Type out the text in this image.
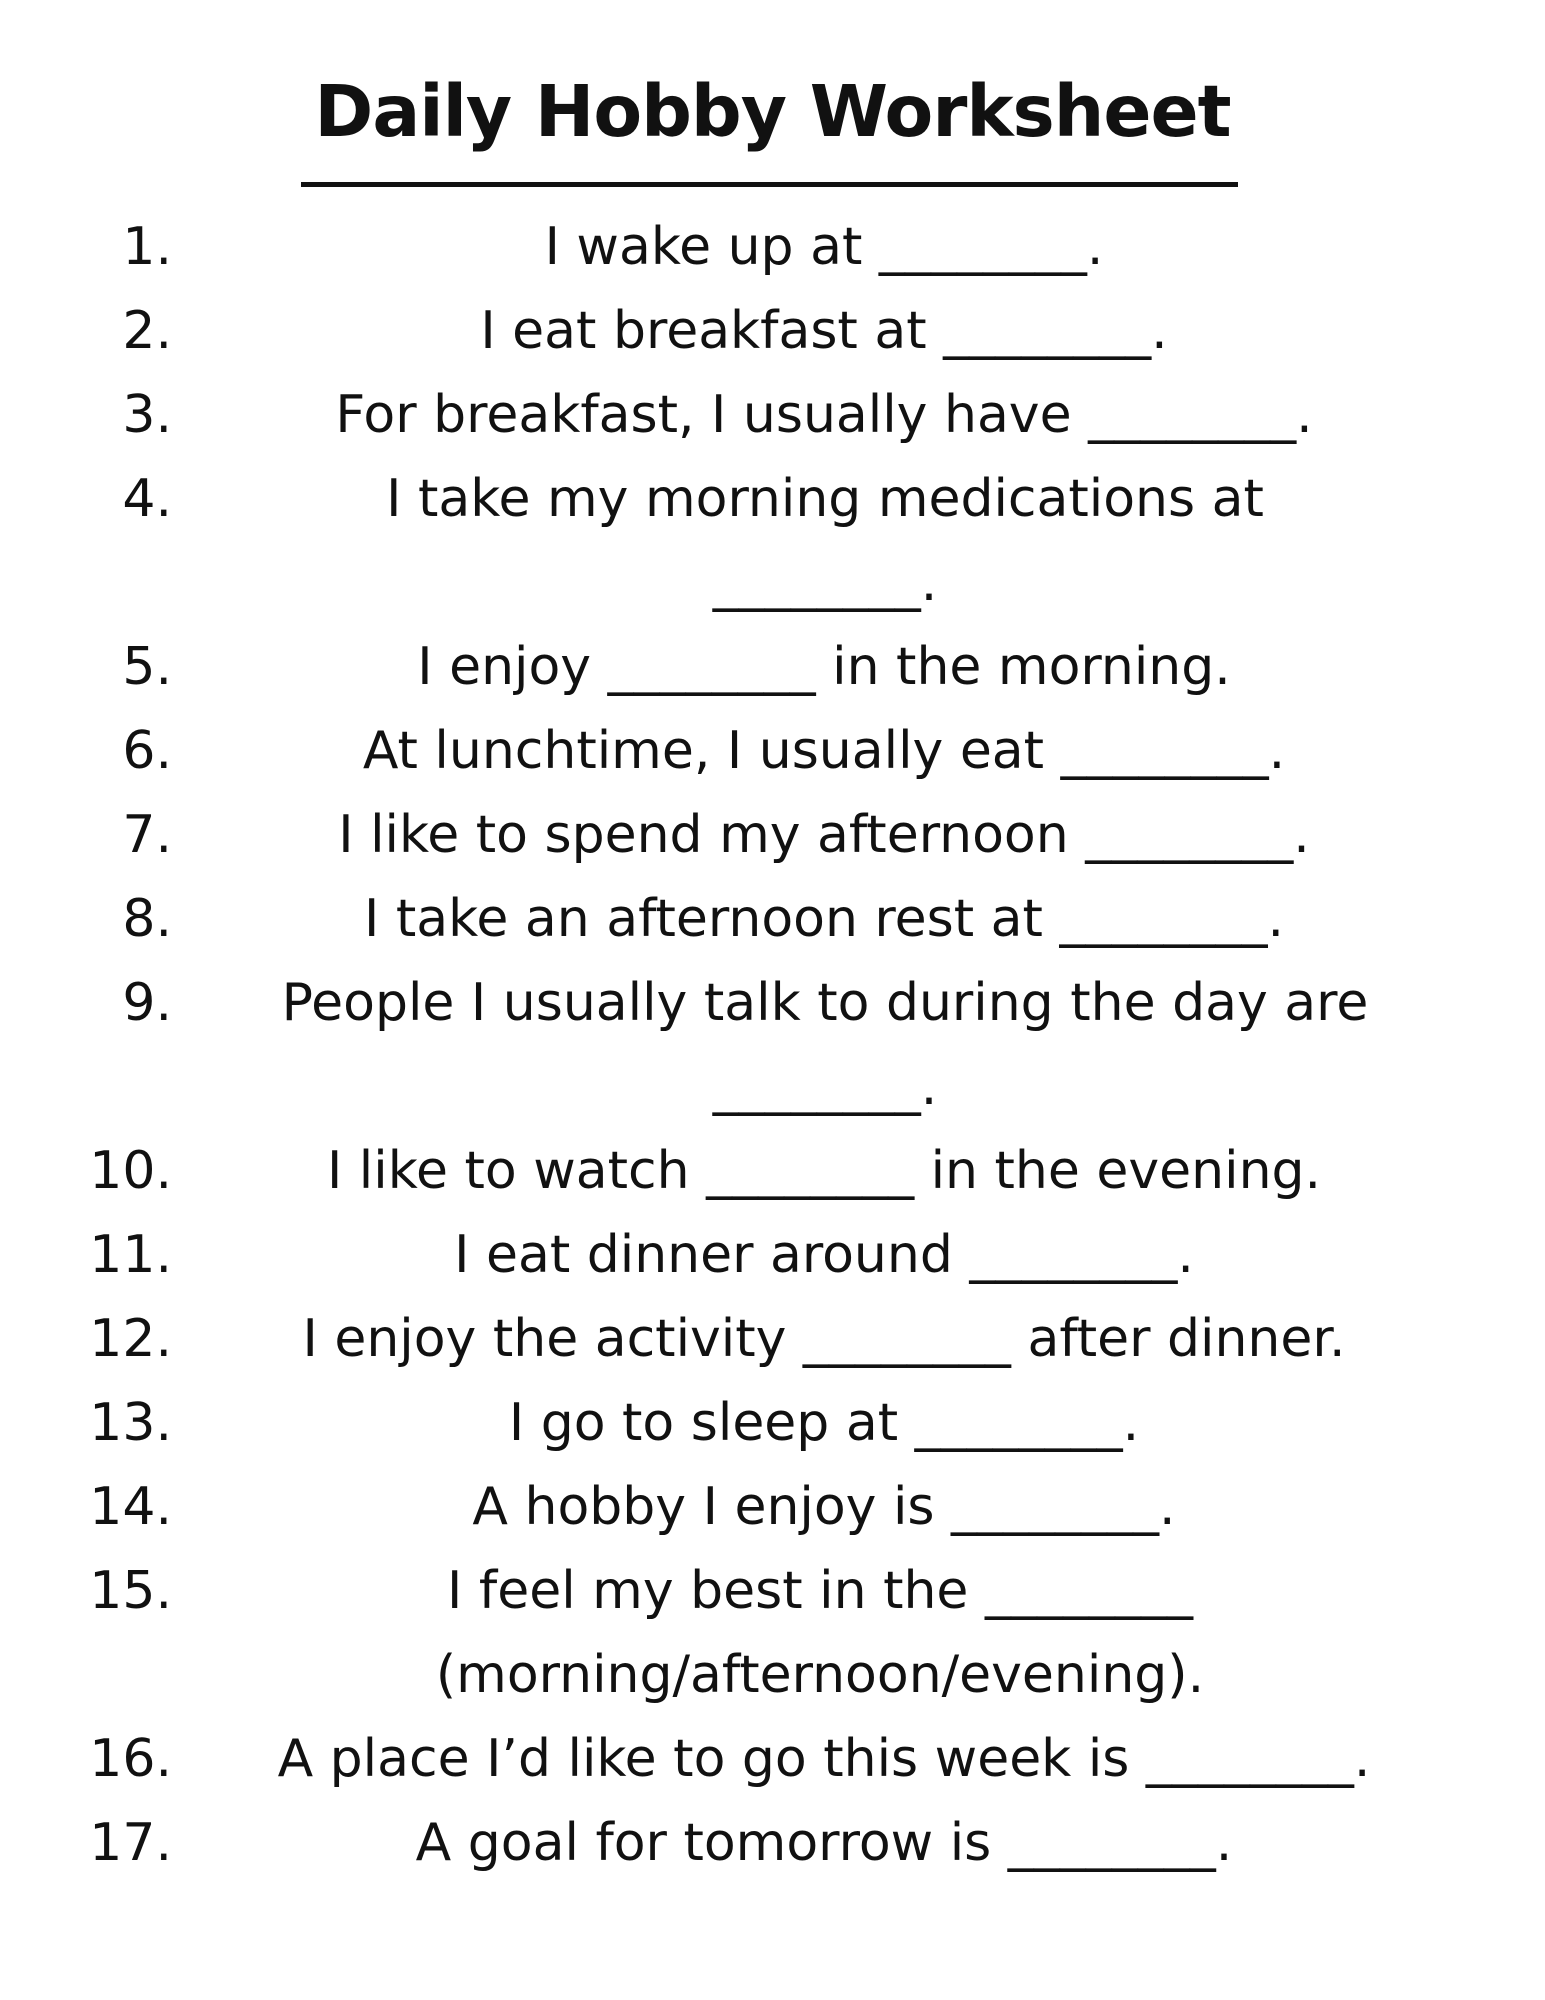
Daily Hobby Worksheet
1.	I wake up at ________.
2.	I eat breakfast at ________.
3.	For breakfast, I usually have ________.
4.	I take my morning medications at ________.
5.	I enjoy ________ in the morning.
6.	At lunchtime, I usually eat ________.
7.	I like to spend my afternoon ________.
8.	I take an afternoon rest at ________.
9.	People I usually talk to during the day are ________.
10.	I like to watch ________ in the evening.
11.	I eat dinner around ________.
12.	I enjoy the activity ________ after dinner.
13.	I go to sleep at ________.
14.	A hobby I enjoy is ________.
15.	I feel my best in the ________ (morning/afternoon/evening).
16.	A place I’d like to go this week is ________.
17.	A goal for tomorrow is ________.
